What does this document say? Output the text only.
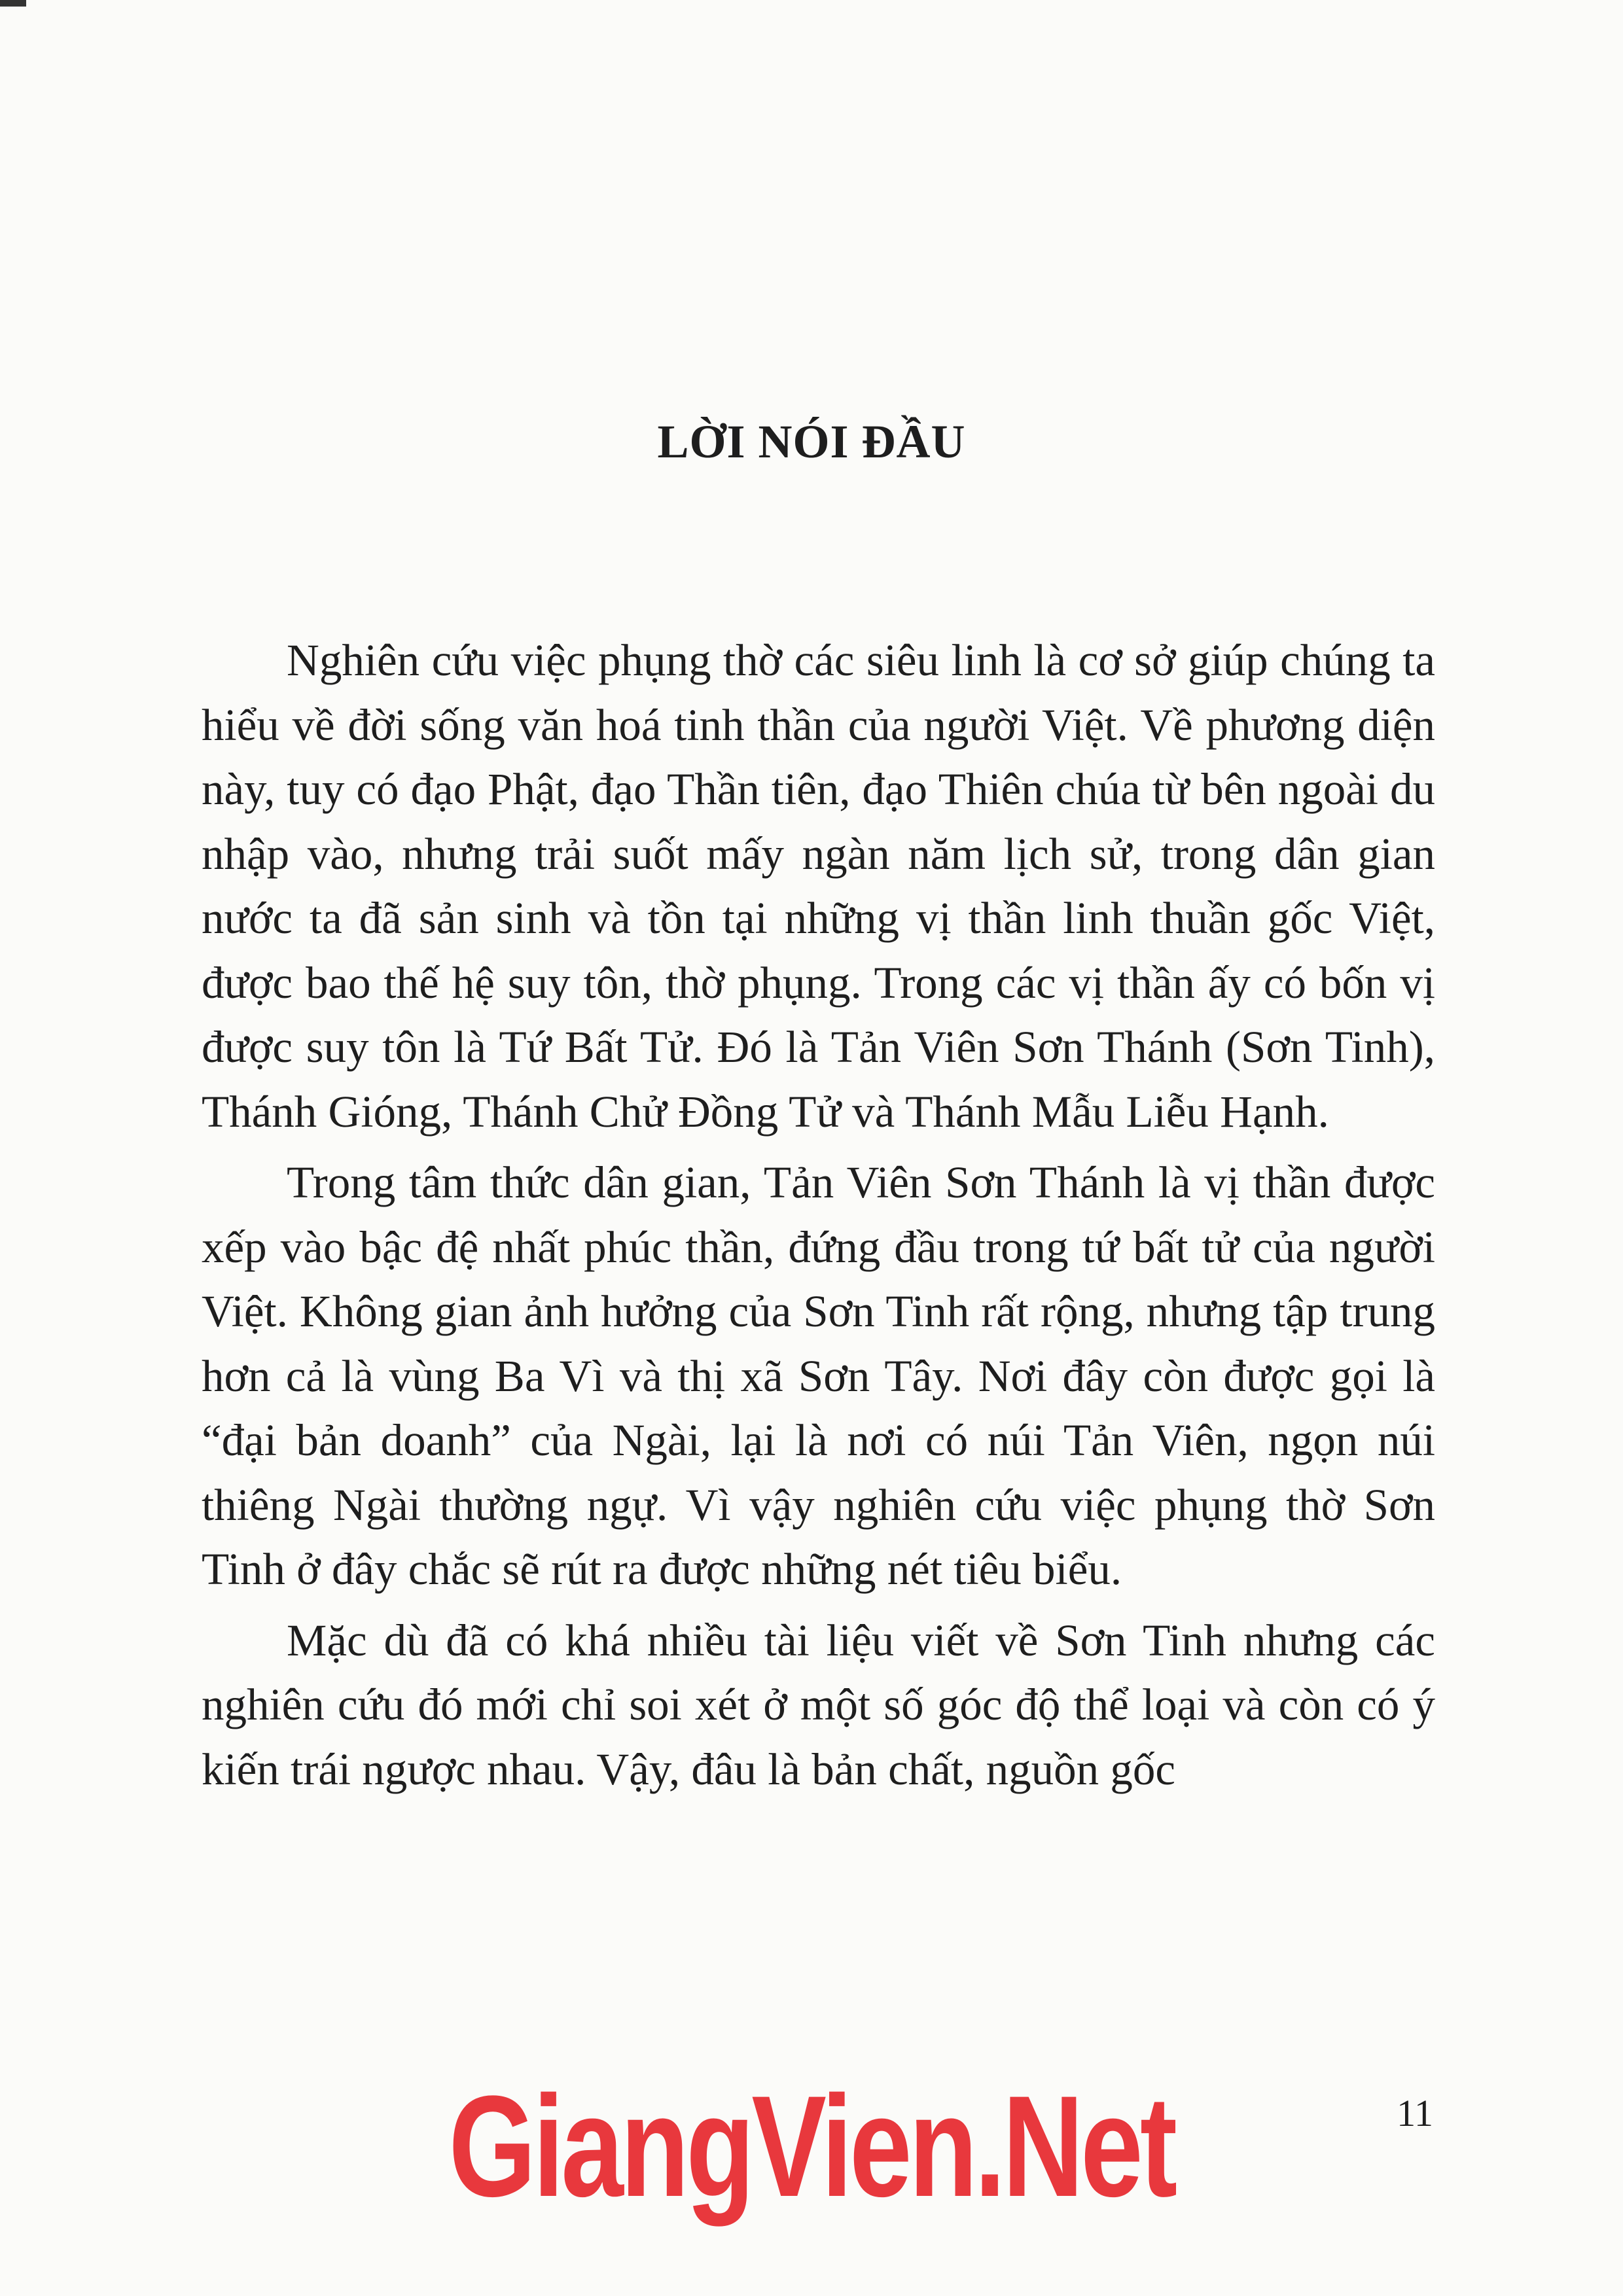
LỜI NÓI ĐẦU

Nghiên cứu việc phụng thờ các siêu linh là cơ sở giúp chúng ta hiểu về đời sống văn hoá tinh thần của người Việt. Về phương diện này, tuy có đạo Phật, đạo Thần tiên, đạo Thiên chúa từ bên ngoài du nhập vào, nhưng trải suốt mấy ngàn năm lịch sử, trong dân gian nước ta đã sản sinh và tồn tại những vị thần linh thuần gốc Việt, được bao thế hệ suy tôn, thờ phụng. Trong các vị thần ấy có bốn vị được suy tôn là Tứ Bất Tử. Đó là Tản Viên Sơn Thánh (Sơn Tinh), Thánh Gióng, Thánh Chử Đồng Tử và Thánh Mẫu Liễu Hạnh.

Trong tâm thức dân gian, Tản Viên Sơn Thánh là vị thần được xếp vào bậc đệ nhất phúc thần, đứng đầu trong tứ bất tử của người Việt. Không gian ảnh hưởng của Sơn Tinh rất rộng, nhưng tập trung hơn cả là vùng Ba Vì và thị xã Sơn Tây. Nơi đây còn được gọi là “đại bản doanh” của Ngài, lại là nơi có núi Tản Viên, ngọn núi thiêng Ngài thường ngự. Vì vậy nghiên cứu việc phụng thờ Sơn Tinh ở đây chắc sẽ rút ra được những nét tiêu biểu.

Mặc dù đã có khá nhiều tài liệu viết về Sơn Tinh nhưng các nghiên cứu đó mới chỉ soi xét ở một số góc độ thể loại và còn có ý kiến trái ngược nhau. Vậy, đâu là bản chất, nguồn gốc

GiangVien.Net	11
